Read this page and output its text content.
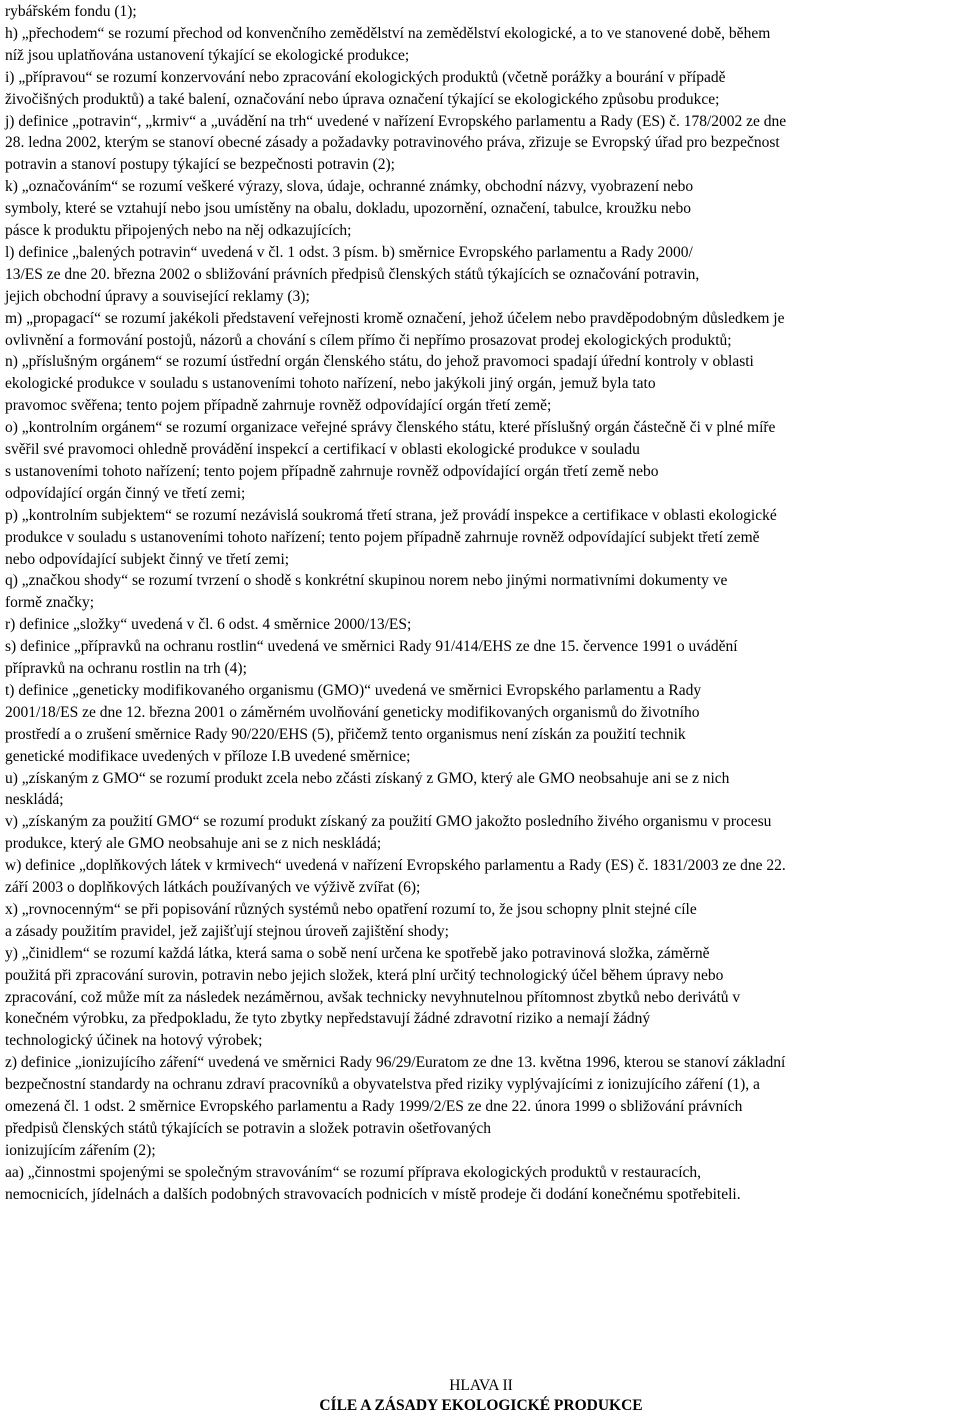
rybářském fondu (1);
h) „přechodem“ se rozumí přechod od konvenčního zemědělství na zemědělství ekologické, a to ve stanovené době, během
níž jsou uplatňována ustanovení týkající se ekologické produkce;
i) „přípravou“ se rozumí konzervování nebo zpracování ekologických produktů (včetně porážky a bourání v případě
živočišných produktů) a také balení, označování nebo úprava označení týkající se ekologického způsobu produkce;
j) definice „potravin“, „krmiv“ a „uvádění na trh“ uvedené v nařízení Evropského parlamentu a Rady (ES) č. 178/2002 ze dne
28. ledna 2002, kterým se stanoví obecné zásady a požadavky potravinového práva, zřizuje se Evropský úřad pro bezpečnost
potravin a stanoví postupy týkající se bezpečnosti potravin (2);
k) „označováním“ se rozumí veškeré výrazy, slova, údaje, ochranné známky, obchodní názvy, vyobrazení nebo
symboly, které se vztahují nebo jsou umístěny na obalu, dokladu, upozornění, označení, tabulce, kroužku nebo
pásce k produktu připojených nebo na něj odkazujících;
l) definice „balených potravin“ uvedená v čl. 1 odst. 3 písm. b) směrnice Evropského parlamentu a Rady 2000/
13/ES ze dne 20. března 2002 o sbližování právních předpisů členských států týkajících se označování potravin,
jejich obchodní úpravy a související reklamy (3);
m) „propagací“ se rozumí jakékoli představení veřejnosti kromě označení, jehož účelem nebo pravděpodobným důsledkem je
ovlivnění a formování postojů, názorů a chování s cílem přímo či nepřímo prosazovat prodej ekologických produktů;
n) „příslušným orgánem“ se rozumí ústřední orgán členského státu, do jehož pravomoci spadají úřední kontroly v oblasti
ekologické produkce v souladu s ustanoveními tohoto nařízení, nebo jakýkoli jiný orgán, jemuž byla tato
pravomoc svěřena; tento pojem případně zahrnuje rovněž odpovídající orgán třetí země;
o) „kontrolním orgánem“ se rozumí organizace veřejné správy členského státu, které příslušný orgán částečně či v plné míře
svěřil své pravomoci ohledně provádění inspekcí a certifikací v oblasti ekologické produkce v souladu
s ustanoveními tohoto nařízení; tento pojem případně zahrnuje rovněž odpovídající orgán třetí země nebo
odpovídající orgán činný ve třetí zemi;
p) „kontrolním subjektem“ se rozumí nezávislá soukromá třetí strana, jež provádí inspekce a certifikace v oblasti ekologické
produkce v souladu s ustanoveními tohoto nařízení; tento pojem případně zahrnuje rovněž odpovídající subjekt třetí země
nebo odpovídající subjekt činný ve třetí zemi;
q) „značkou shody“ se rozumí tvrzení o shodě s konkrétní skupinou norem nebo jinými normativními dokumenty ve
formě značky;
r) definice „složky“ uvedená v čl. 6 odst. 4 směrnice 2000/13/ES;
s) definice „přípravků na ochranu rostlin“ uvedená ve směrnici Rady 91/414/EHS ze dne 15. července 1991 o uvádění
přípravků na ochranu rostlin na trh (4);
t) definice „geneticky modifikovaného organismu (GMO)“ uvedená ve směrnici Evropského parlamentu a Rady
2001/18/ES ze dne 12. března 2001 o záměrném uvolňování geneticky modifikovaných organismů do životního
prostředí a o zrušení směrnice Rady 90/220/EHS (5), přičemž tento organismus není získán za použití technik
genetické modifikace uvedených v příloze I.B uvedené směrnice;
u) „získaným z GMO“ se rozumí produkt zcela nebo zčásti získaný z GMO, který ale GMO neobsahuje ani se z nich
neskládá;
v) „získaným za použití GMO“ se rozumí produkt získaný za použití GMO jakožto posledního živého organismu v procesu
produkce, který ale GMO neobsahuje ani se z nich neskládá;
w) definice „doplňkových látek v krmivech“ uvedená v nařízení Evropského parlamentu a Rady (ES) č. 1831/2003 ze dne 22.
září 2003 o doplňkových látkách používaných ve výživě zvířat (6);
x) „rovnocenným“ se při popisování různých systémů nebo opatření rozumí to, že jsou schopny plnit stejné cíle
a zásady použitím pravidel, jež zajišťují stejnou úroveň zajištění shody;
y) „činidlem“ se rozumí každá látka, která sama o sobě není určena ke spotřebě jako potravinová složka, záměrně
použitá při zpracování surovin, potravin nebo jejich složek, která plní určitý technologický účel během úpravy nebo
zpracování, což může mít za následek nezáměrnou, avšak technicky nevyhnutelnou přítomnost zbytků nebo derivátů v
konečném výrobku, za předpokladu, že tyto zbytky nepředstavují žádné zdravotní riziko a nemají žádný
technologický účinek na hotový výrobek;
z) definice „ionizujícího záření“ uvedená ve směrnici Rady 96/29/Euratom ze dne 13. května 1996, kterou se stanoví základní
bezpečnostní standardy na ochranu zdraví pracovníků a obyvatelstva před riziky vyplývajícími z ionizujícího záření (1), a
omezená čl. 1 odst. 2 směrnice Evropského parlamentu a Rady 1999/2/ES ze dne 22. února 1999 o sbližování právních
předpisů členských států týkajících se potravin a složek potravin ošetřovaných
ionizujícím zářením (2);
aa) „činnostmi spojenými se společným stravováním“ se rozumí příprava ekologických produktů v restauracích,
nemocnicích, jídelnách a dalších podobných stravovacích podnicích v místě prodeje či dodání konečnému spotřebiteli.
HLAVA II
CÍLE A ZÁSADY EKOLOGICKÉ PRODUKCE
